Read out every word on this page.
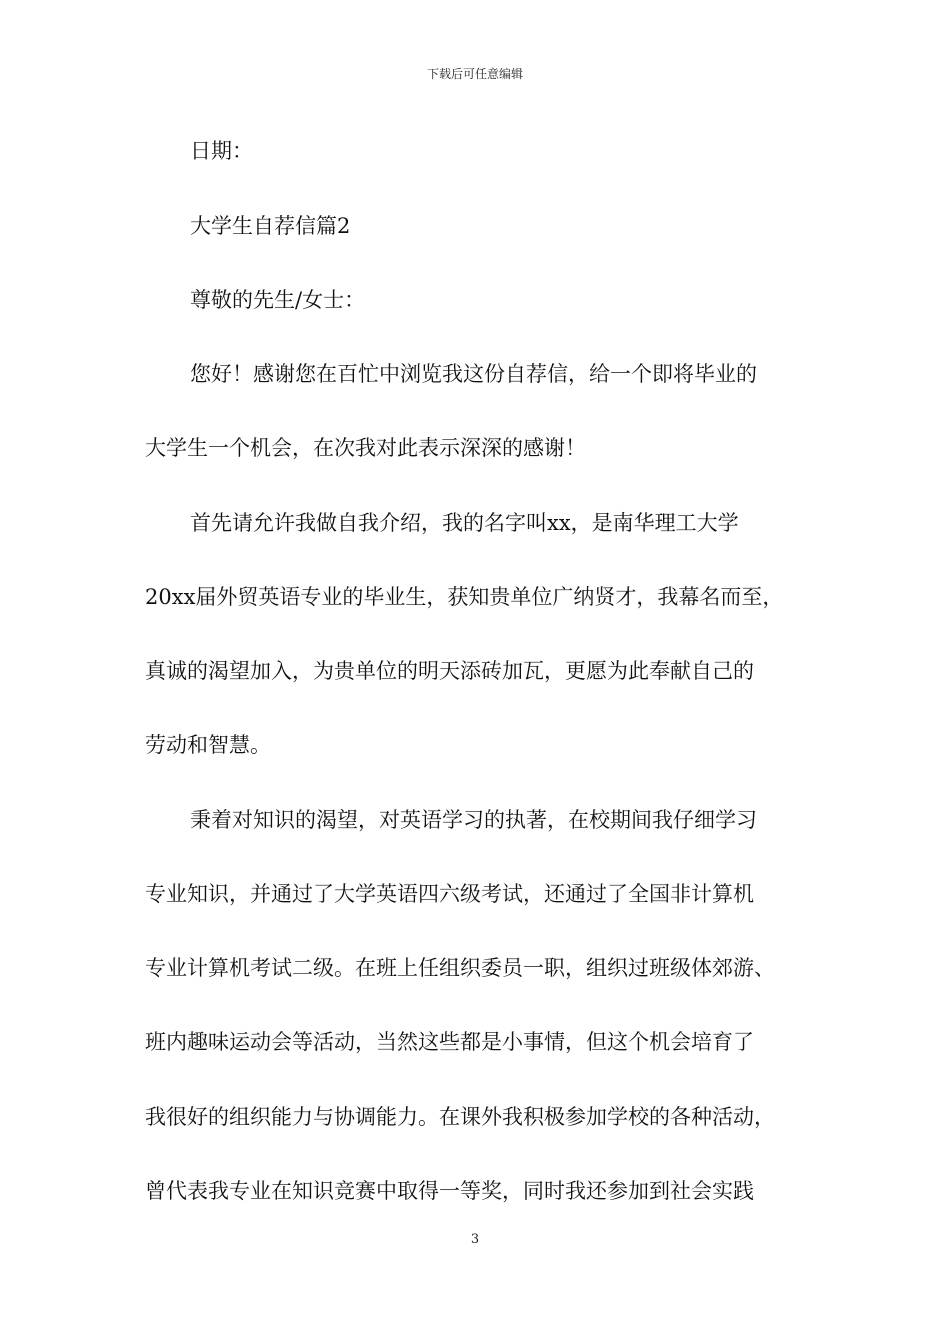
下载后可任意编辑
日期：
大学生自荐信篇2
尊敬的先生/女士：
您好！感谢您在百忙中浏览我这份自荐信，给一个即将毕业的
大学生一个机会，在次我对此表示深深的感谢！
首先请允许我做自我介绍，我的名字叫xx，是南华理工大学
20xx届外贸英语专业的毕业生，获知贵单位广纳贤才，我幕名而至，
真诚的渴望加入，为贵单位的明天添砖加瓦，更愿为此奉献自己的
劳动和智慧。
秉着对知识的渴望，对英语学习的执著，在校期间我仔细学习
专业知识，并通过了大学英语四六级考试，还通过了全国非计算机
专业计算机考试二级。在班上任组织委员一职，组织过班级体郊游、
班内趣味运动会等活动，当然这些都是小事情，但这个机会培育了
我很好的组织能力与协调能力。在课外我积极参加学校的各种活动，
曾代表我专业在知识竞赛中取得一等奖，同时我还参加到社会实践
3
